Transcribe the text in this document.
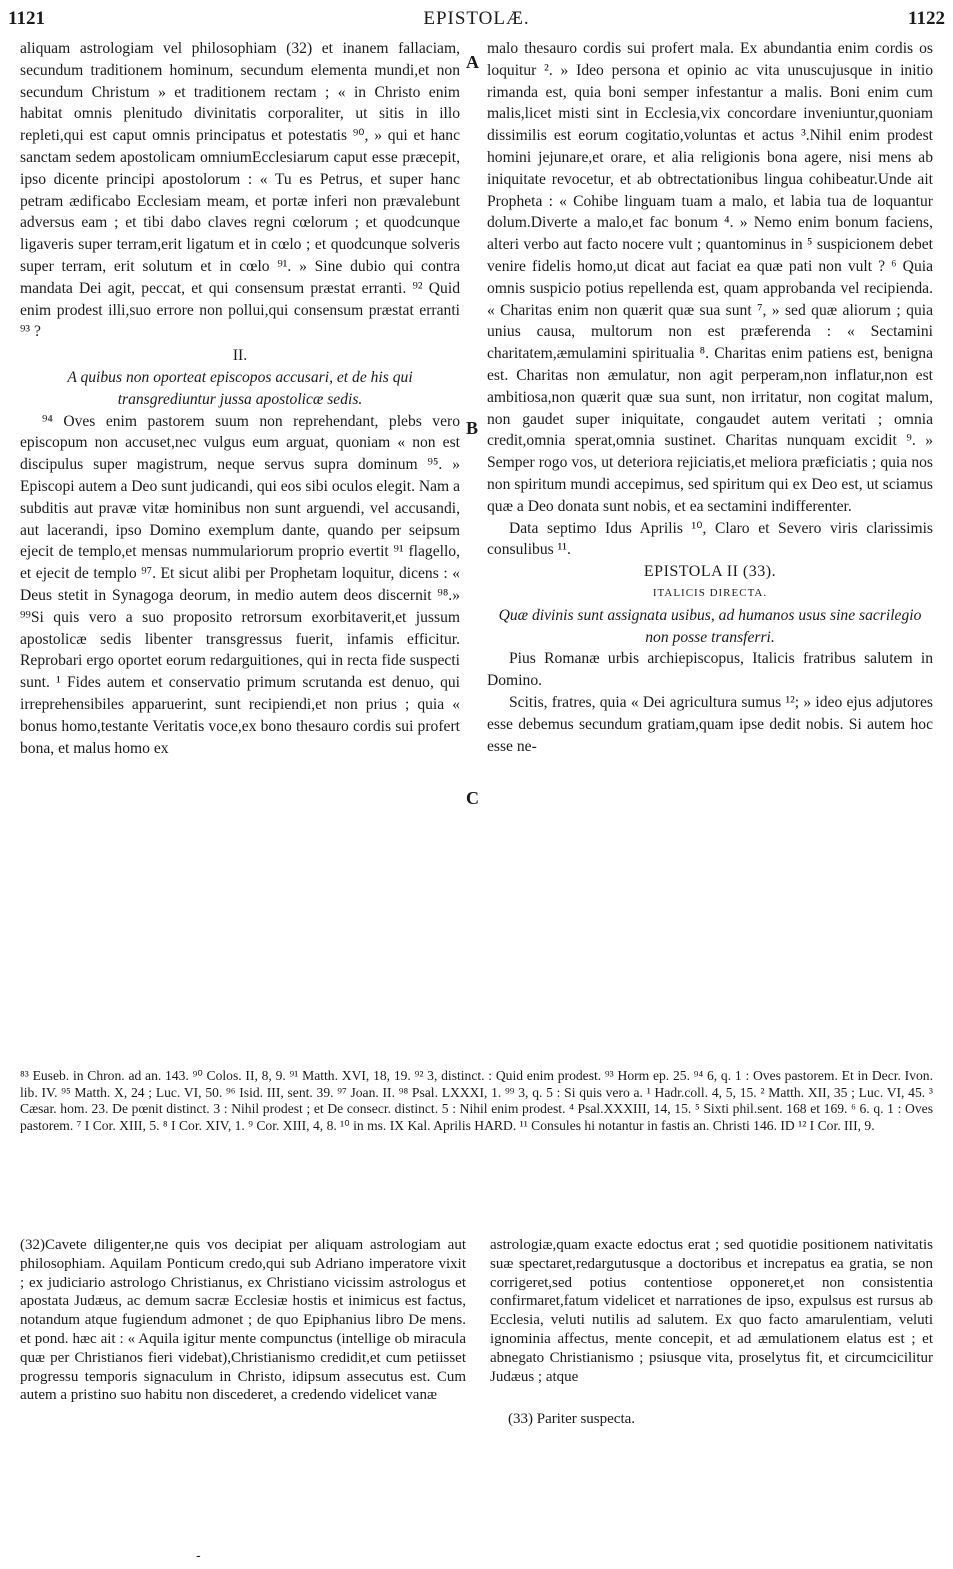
1121	EPISTOLÆ.	1122

aliquam astrologiam vel philosophiam (32) et inanem fallaciam, secundum traditionem hominum, secundum elementa mundi,et non secundum Christum » et traditionem rectam ; « in Christo enim habitat omnis plenitudo divinitatis corporaliter, ut sitis in illo repleti,qui est caput omnis principatus et potestatis ⁹⁰, » qui et hanc sanctam sedem apostolicam omniumEcclesiarum caput esse præcepit, ipso dicente principi apostolorum : « Tu es Petrus, et super hanc petram ædificabo Ecclesiam meam, et portæ inferi non prævalebunt adversus eam ; et tibi dabo claves regni cœlorum ; et quodcunque ligaveris super terram,erit ligatum et in cœlo ; et quodcunque solveris super terram, erit solutum et in cœlo ⁹¹. » Sine dubio qui contra mandata Dei agit, peccat, et qui consensum præstat erranti. ⁹² Quid enim prodest illi,suo errore non pollui,qui consensum præstat erranti ⁹³ ?

II.

A quibus non oporteat episcopos accusari, et de his qui transgrediuntur jussa apostolicæ sedis.

⁹⁴ Oves enim pastorem suum non reprehendant, plebs vero episcopum non accuset,nec vulgus eum arguat, quoniam « non est discipulus super magistrum, neque servus supra dominum ⁹⁵. » Episcopi autem a Deo sunt judicandi, qui eos sibi oculos elegit. Nam a subditis aut pravæ vitæ hominibus non sunt arguendi, vel accusandi, aut lacerandi, ipso Domino exemplum dante, quando per seipsum ejecit de templo,et mensas nummulariorum proprio evertit ⁹¹ flagello, et ejecit de templo ⁹⁷. Et sicut alibi per Prophetam loquitur, dicens : « Deus stetit in Synagoga deorum, in medio autem deos discernit ⁹⁸.» ⁹⁹Si quis vero a suo proposito retrorsum exorbitaverit,et jussum apostolicæ sedis libenter transgressus fuerit, infamis efficitur. Reprobari ergo oportet eorum redarguitiones, qui in recta fide suspecti sunt. ¹ Fides autem et conservatio primum scrutanda est denuo, qui irreprehensibiles apparuerint, sunt recipiendi,et non prius ; quia « bonus homo,testante Veritatis voce,ex bono thesauro cordis sui profert bona, et malus homo ex

A
B
C

malo thesauro cordis sui profert mala. Ex abundantia enim cordis os loquitur ². » Ideo persona et opinio ac vita unuscujusque in initio rimanda est, quia boni semper infestantur a malis. Boni enim cum malis,licet misti sint in Ecclesia,vix concordare inveniuntur,quoniam dissimilis est eorum cogitatio,voluntas et actus ³.Nihil enim prodest homini jejunare,et orare, et alia religionis bona agere, nisi mens ab iniquitate revocetur, et ab obtrectationibus lingua cohibeatur.Unde ait Propheta : « Cohibe linguam tuam a malo, et labia tua de loquantur dolum.Diverte a malo,et fac bonum ⁴. » Nemo enim bonum faciens, alteri verbo aut facto nocere vult ; quantominus in ⁵ suspicionem debet venire fidelis homo,ut dicat aut faciat ea quæ pati non vult ? ⁶ Quia omnis suspicio potius repellenda est, quam approbanda vel recipienda. « Charitas enim non quærit quæ sua sunt ⁷, » sed quæ aliorum ; quia unius causa, multorum non est præferenda : « Sectamini charitatem,æmulamini spiritualia ⁸. Charitas enim patiens est, benigna est. Charitas non æmulatur, non agit perperam,non inflatur,non est ambitiosa,non quærit quæ sua sunt, non irritatur, non cogitat malum, non gaudet super iniquitate, congaudet autem veritati ; omnia credit,omnia sperat,omnia sustinet. Charitas nunquam excidit ⁹. » Semper rogo vos, ut deteriora rejiciatis,et meliora præficiatis ; quia nos non spiritum mundi accepimus, sed spiritum qui ex Deo est, ut sciamus quæ a Deo donata sunt nobis, et ea sectamini indifferenter.

Data septimo Idus Aprilis ¹⁰, Claro et Severo viris clarissimis consulibus ¹¹.

EPISTOLA II (33).

ITALICIS DIRECTA.

Quæ divinis sunt assignata usibus, ad humanos usus sine sacrilegio non posse transferri.

Pius Romanæ urbis archiepiscopus, Italicis fratribus salutem in Domino.

Scitis, fratres, quia « Dei agricultura sumus ¹²; » ideo ejus adjutores esse debemus secundum gratiam,quam ipse dedit nobis. Si autem hoc esse ne-

⁸³ Euseb. in Chron. ad an. 143. ⁹⁰ Colos. II, 8, 9. ⁹¹ Matth. XVI, 18, 19. ⁹² 3, distinct. : Quid enim prodest. ⁹³ Horm ep. 25. ⁹⁴ 6, q. 1 : Oves pastorem. Et in Decr. Ivon. lib. IV. ⁹⁵ Matth. X, 24 ; Luc. VI, 50. ⁹⁶ Isid. III, sent. 39. ⁹⁷ Joan. II. ⁹⁸ Psal. LXXXI, 1. ⁹⁹ 3, q. 5 : Si quis vero a. ¹ Hadr.coll. 4, 5, 15. ² Matth. XII, 35 ; Luc. VI, 45. ³ Cæsar. hom. 23. De pœnit distinct. 3 : Nihil prodest ; et De consecr. distinct. 5 : Nihil enim prodest. ⁴ Psal.XXXIII, 14, 15. ⁵ Sixti phil.sent. 168 et 169. ⁶ 6. q. 1 : Oves pastorem. ⁷ I Cor. XIII, 5. ⁸ I Cor. XIV, 1. ⁹ Cor. XIII, 4, 8. ¹⁰ in ms. IX Kal. Aprilis HARD. ¹¹ Consules hi notantur in fastis an. Christi 146. ID ¹² I Cor. III, 9.

(32)Cavete diligenter,ne quis vos decipiat per aliquam astrologiam aut philosophiam. Aquilam Ponticum credo,qui sub Adriano imperatore vixit ; ex judiciario astrologo Christianus, ex Christiano vicissim astrologus et apostata Judæus, ac demum sacræ Ecclesiæ hostis et inimicus est factus, notandum atque fugiendum admonet ; de quo Epiphanius libro De mens. et pond. hæc ait : « Aquila igitur mente compunctus (intellige ob miracula quæ per Christianos fieri videbat),Christianismo credidit,et cum petiisset progressu temporis signaculum in Christo, idipsum assecutus est. Cum autem a pristino suo habitu non discederet, a credendo videlicet vanæ

astrologiæ,quam exacte edoctus erat ; sed quotidie positionem nativitatis suæ spectaret,redargutusque a doctoribus et increpatus ea gratia, se non corrigeret,sed potius contentiose opponeret,et non consistentia confirmaret,fatum videlicet et narrationes de ipso, expulsus est rursus ab Ecclesia, veluti nutilis ad salutem. Ex quo facto amarulentiam, veluti ignominia affectus, mente concepit, et ad æmulationem elatus est ; et abnegato Christianismo ; psiusque vita, proselytus fit, et circumcicilitur Judæus ; atque

(33) Pariter suspecta.

-
